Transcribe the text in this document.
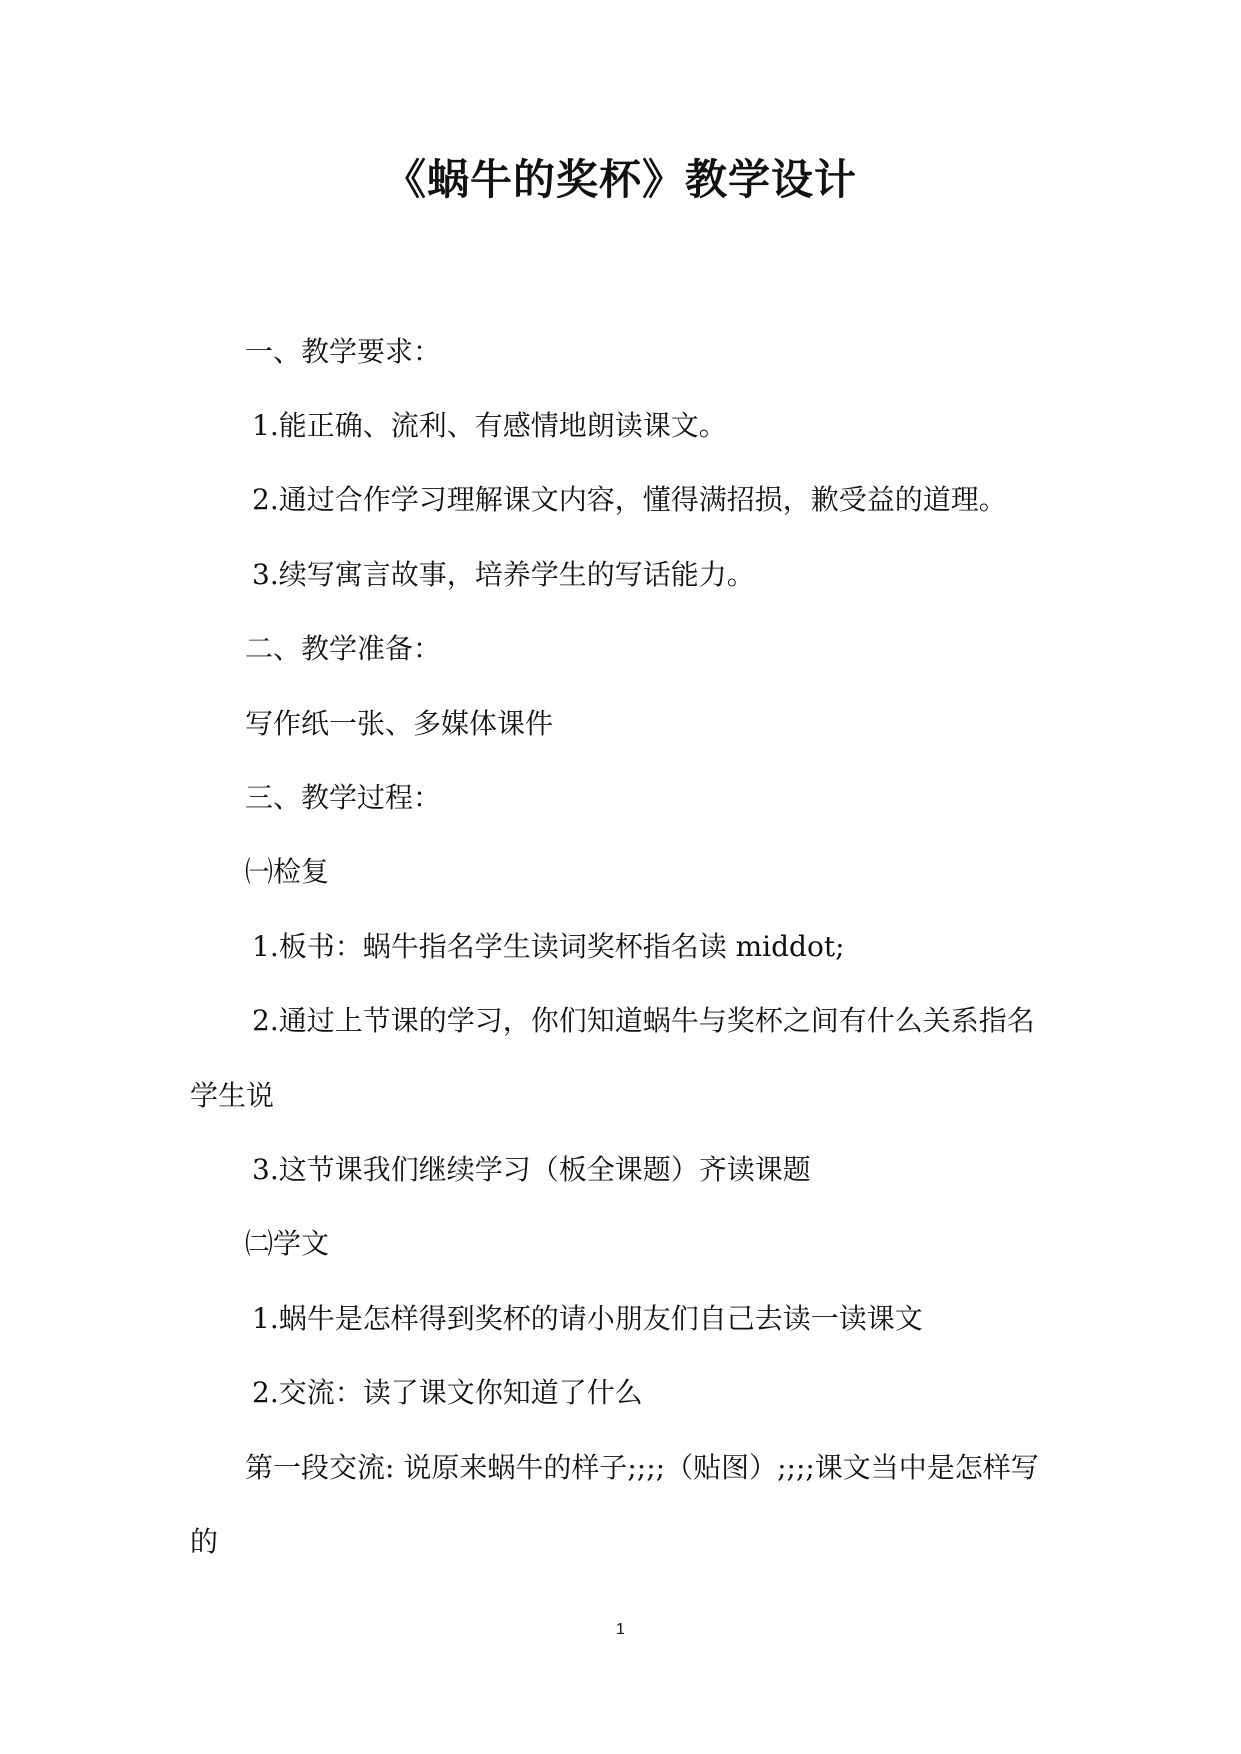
《蜗牛的奖杯》教学设计
一、教学要求：
1.能正确、流利、有感情地朗读课文。
2.通过合作学习理解课文内容，懂得满招损，歉受益的道理。
3.续写寓言故事，培养学生的写话能力。
二、教学准备：
写作纸一张、多媒体课件
三、教学过程：
㈠检复
1.板书：蜗牛指名学生读词奖杯指名读 middot;
2.通过上节课的学习，你们知道蜗牛与奖杯之间有什么关系指名
学生说
3.这节课我们继续学习（板全课题）齐读课题
㈡学文
1.蜗牛是怎样得到奖杯的请小朋友们自己去读一读课文
2.交流：读了课文你知道了什么
第一段交流: 说原来蜗牛的样子;;;;（贴图）;;;;课文当中是怎样写
的
1
